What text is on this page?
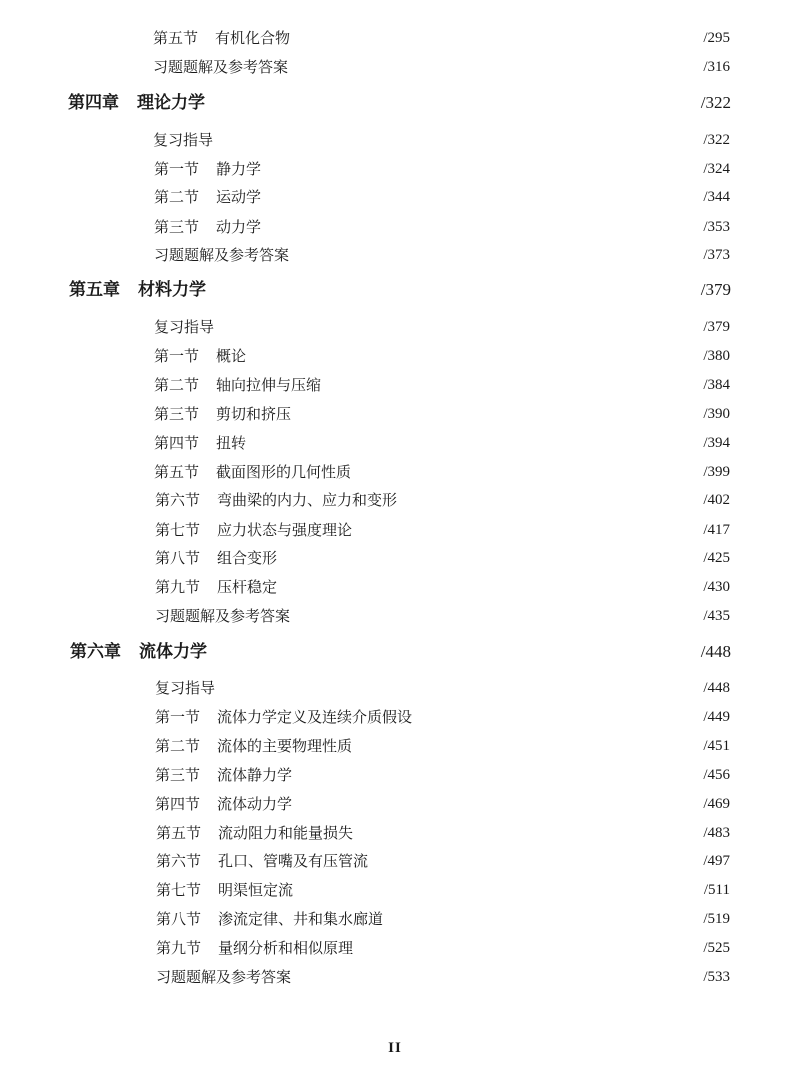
第五节 有机化合物	/295
习题题解及参考答案	/316
第四章 理论力学	/322
复习指导	/322
第一节 静力学	/324
第二节 运动学	/344
第三节 动力学	/353
习题题解及参考答案	/373
第五章 材料力学	/379
复习指导	/379
第一节 概论	/380
第二节 轴向拉伸与压缩	/384
第三节 剪切和挤压	/390
第四节 扭转	/394
第五节 截面图形的几何性质	/399
第六节 弯曲梁的内力、应力和变形	/402
第七节 应力状态与强度理论	/417
第八节 组合变形	/425
第九节 压杆稳定	/430
习题题解及参考答案	/435
第六章 流体力学	/448
复习指导	/448
第一节 流体力学定义及连续介质假设	/449
第二节 流体的主要物理性质	/451
第三节 流体静力学	/456
第四节 流体动力学	/469
第五节 流动阻力和能量损失	/483
第六节 孔口、管嘴及有压管流	/497
第七节 明渠恒定流	/511
第八节 渗流定律、井和集水廊道	/519
第九节 量纲分析和相似原理	/525
习题题解及参考答案	/533
II
